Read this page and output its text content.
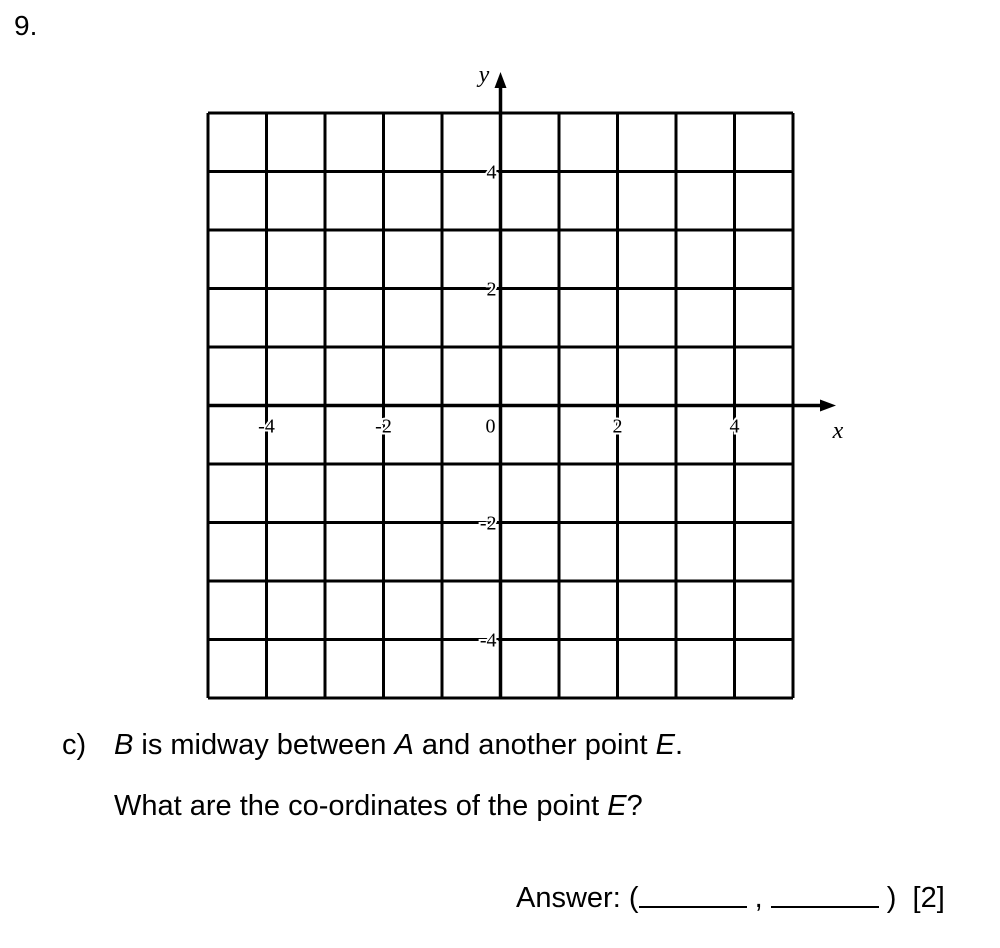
9.
-4	-2	0	2	4
4
2
-2
-4
x
y
c) B is midway between A and another point E.
What are the co-ordinates of the point E?
Answer: (	,	) [2]
